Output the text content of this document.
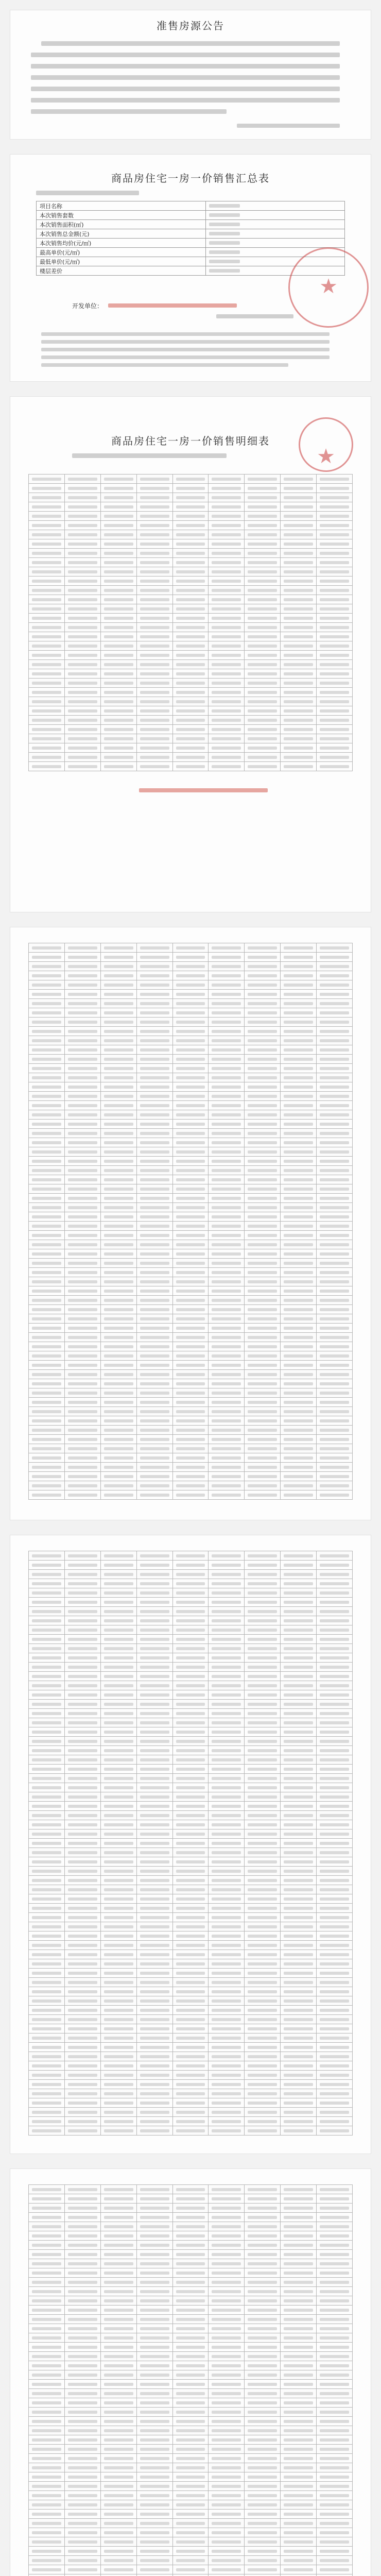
准售房源公告
商品房住宅一房一价销售汇总表
项目名称	
本次销售套数	
本次销售面积(㎡)	
本次销售总金额(元)	
本次销售均价(元/㎡)	
最高单价(元/㎡)	
最低单价(元/㎡)	
楼层差价	
★
开发单位：
商品房住宅一房一价销售明细表
★
